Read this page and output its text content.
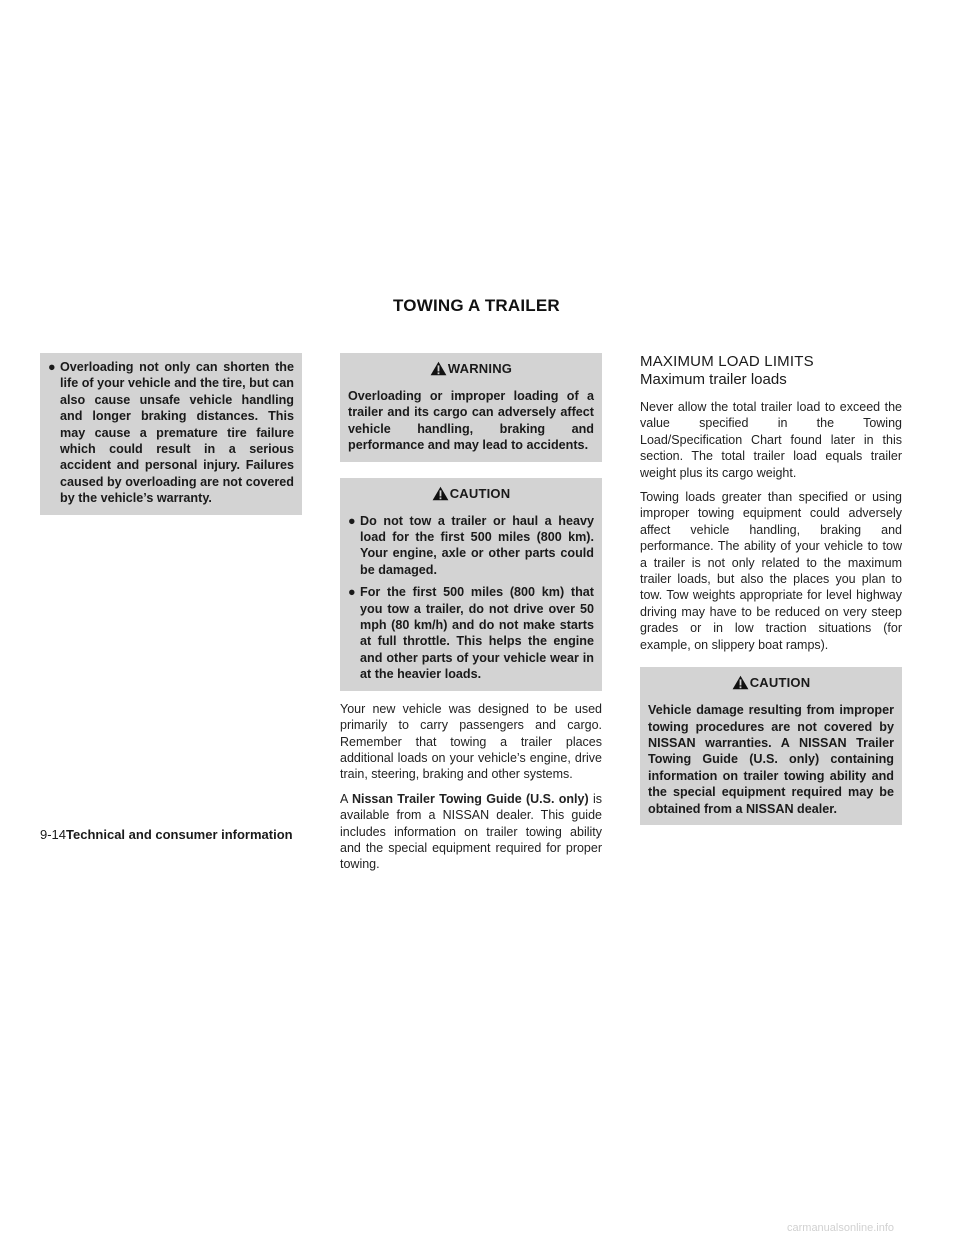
TOWING A TRAILER
● Overloading not only can shorten the life of your vehicle and the tire, but can also cause unsafe vehicle handling and longer braking distances. This may cause a premature tire failure which could result in a serious accident and personal injury. Failures caused by overloading are not covered by the vehicle’s warranty.
WARNING
Overloading or improper loading of a trailer and its cargo can adversely affect vehicle handling, braking and performance and may lead to accidents.
CAUTION
● Do not tow a trailer or haul a heavy load for the first 500 miles (800 km). Your engine, axle or other parts could be damaged.
● For the first 500 miles (800 km) that you tow a trailer, do not drive over 50 mph (80 km/h) and do not make starts at full throttle. This helps the engine and other parts of your vehicle wear in at the heavier loads.

Your new vehicle was designed to be used primarily to carry passengers and cargo. Remember that towing a trailer places additional loads on your vehicle’s engine, drive train, steering, braking and other systems.

A Nissan Trailer Towing Guide (U.S. only) is available from a NISSAN dealer. This guide includes information on trailer towing ability and the special equipment required for proper towing.

MAXIMUM LOAD LIMITS
Maximum trailer loads

Never allow the total trailer load to exceed the value specified in the Towing Load/Specification Chart found later in this section. The total trailer load equals trailer weight plus its cargo weight.

Towing loads greater than specified or using improper towing equipment could adversely affect vehicle handling, braking and performance. The ability of your vehicle to tow a trailer is not only related to the maximum trailer loads, but also the places you plan to tow. Tow weights appropriate for level highway driving may have to be reduced on very steep grades or in low traction situations (for example, on slippery boat ramps).

CAUTION
Vehicle damage resulting from improper towing procedures are not covered by NISSAN warranties. A NISSAN Trailer Towing Guide (U.S. only) containing information on trailer towing ability and the special equipment required may be obtained from a NISSAN dealer.
9-14Technical and consumer information
carmanualsonline.info
